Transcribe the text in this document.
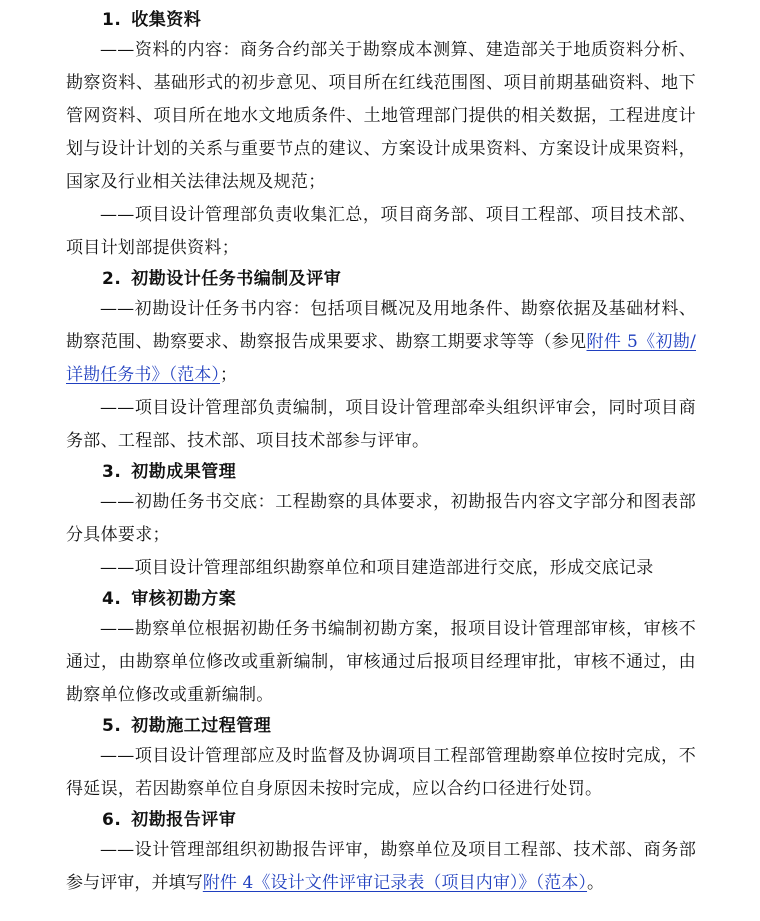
1. 收集资料

——资料的内容：商务合约部关于勘察成本测算、建造部关于地质资料分析、勘察资料、基础形式的初步意见、项目所在红线范围图、项目前期基础资料、地下管网资料、项目所在地水文地质条件、土地管理部门提供的相关数据，工程进度计划与设计计划的关系与重要节点的建议、方案设计成果资料、方案设计成果资料，国家及行业相关法律法规及规范；

——项目设计管理部负责收集汇总，项目商务部、项目工程部、项目技术部、项目计划部提供资料；

2. 初勘设计任务书编制及评审

——初勘设计任务书内容：包括项目概况及用地条件、勘察依据及基础材料、勘察范围、勘察要求、勘察报告成果要求、勘察工期要求等等（参见附件 5《初勘/详勘任务书》（范本）；

——项目设计管理部负责编制，项目设计管理部牵头组织评审会，同时项目商务部、工程部、技术部、项目技术部参与评审。

3. 初勘成果管理

——初勘任务书交底：工程勘察的具体要求，初勘报告内容文字部分和图表部分具体要求；

——项目设计管理部组织勘察单位和项目建造部进行交底，形成交底记录

4. 审核初勘方案

——勘察单位根据初勘任务书编制初勘方案，报项目设计管理部审核，审核不通过，由勘察单位修改或重新编制，审核通过后报项目经理审批，审核不通过，由勘察单位修改或重新编制。

5. 初勘施工过程管理

——项目设计管理部应及时监督及协调项目工程部管理勘察单位按时完成，不得延误，若因勘察单位自身原因未按时完成，应以合约口径进行处罚。

6. 初勘报告评审

——设计管理部组织初勘报告评审，勘察单位及项目工程部、技术部、商务部参与评审，并填写附件 4《设计文件评审记录表（项目内审）》（范本）。
